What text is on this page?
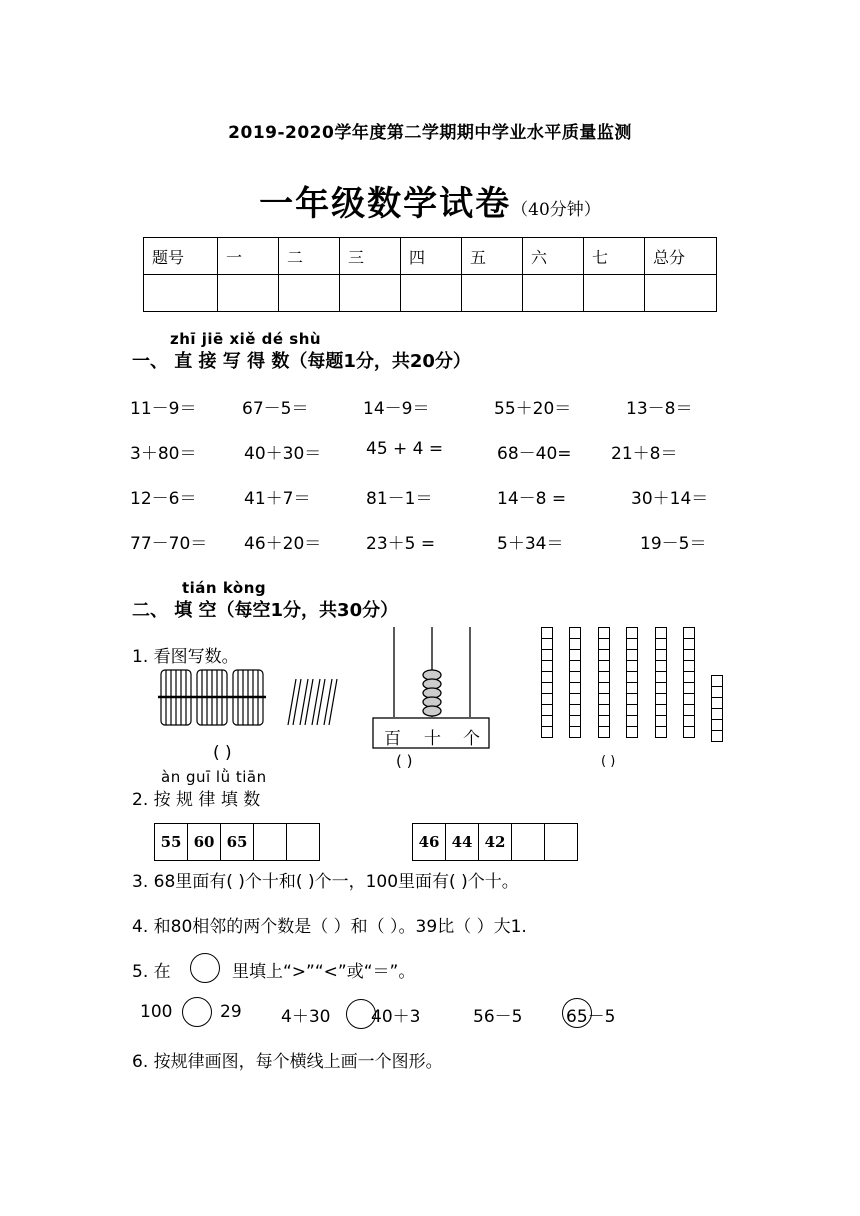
2019-2020学年度第二学期期中学业水平质量监测
一年级数学试卷（40分钟）
题号	一	二	三	四	五	六	七	总分

zhī jiē xiě dé shù
一、 直 接 写 得 数（每题1分，共20分）
11－9＝	67－5＝	14－9＝	55＋20＝	13－8＝
3＋80＝	40＋30＝	45 + 4 =	68－40= 21＋8＝
12－6＝	41＋7＝	81－1＝	14－8 =	30＋14＝
77－70＝ 46＋20＝	23＋5 =	5＋34＝	19－5＝
tián kòng
二、 填 空（每空1分，共30分）
1. 看图写数。
( )
百 十 个
( )	( )
àn guī lǜ tiān
2. 按 规 律 填 数
55 60 65	46 44 42
3. 68里面有( )个十和( )个一，100里面有( )个十。
4. 和80相邻的两个数是（ ）和（ ）。39比（ ）大1.
5. 在	里填上“>”“<”或“＝”。
100	29 4＋30 40＋3	56－5	65－5
6. 按规律画图，每个横线上画一个图形。
